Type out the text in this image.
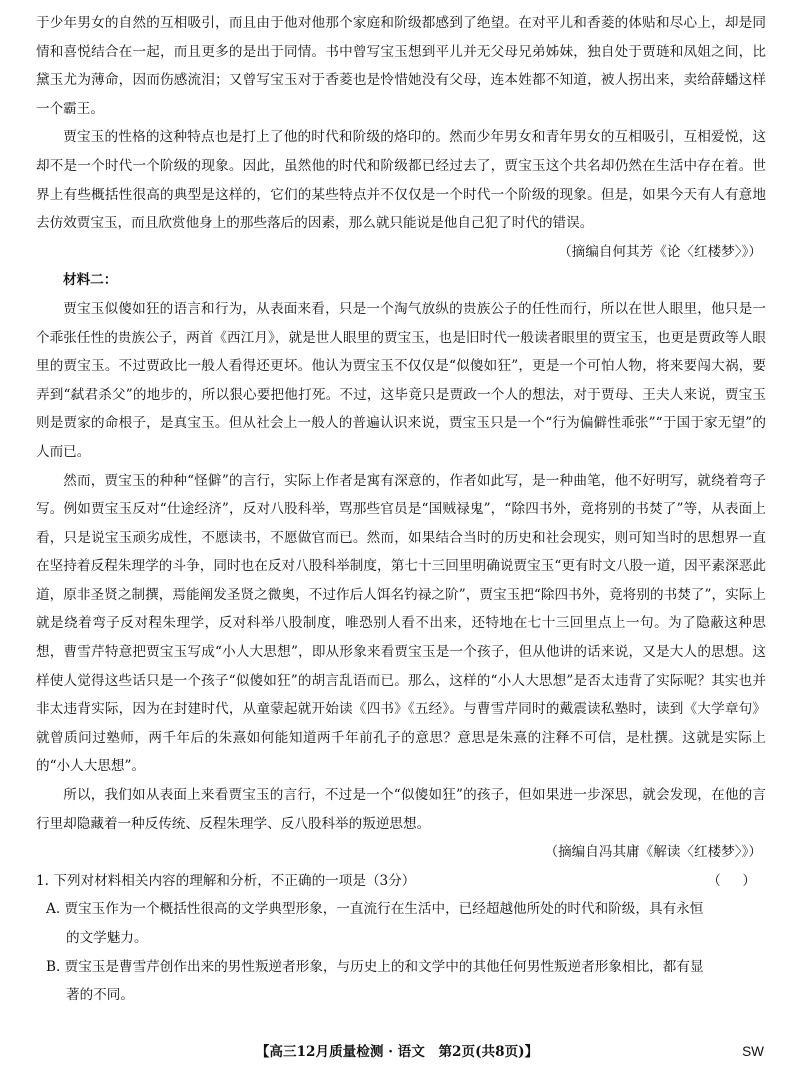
于少年男女的自然的互相吸引，而且由于他对他那个家庭和阶级都感到了绝望。在对平儿和香菱的体贴和尽心上，却是同情和喜悦结合在一起，而且更多的是出于同情。书中曾写宝玉想到平儿并无父母兄弟姊妹，独自处于贾琏和凤姐之间，比黛玉尤为薄命，因而伤感流泪；又曾写宝玉对于香菱也是怜惜她没有父母，连本姓都不知道，被人拐出来，卖给薛蟠这样一个霸王。

贾宝玉的性格的这种特点也是打上了他的时代和阶级的烙印的。然而少年男女和青年男女的互相吸引，互相爱悦，这却不是一个时代一个阶级的现象。因此，虽然他的时代和阶级都已经过去了，贾宝玉这个共名却仍然在生活中存在着。世界上有些概括性很高的典型是这样的，它们的某些特点并不仅仅是一个时代一个阶级的现象。但是，如果今天有人有意地去仿效贾宝玉，而且欣赏他身上的那些落后的因素，那么就只能说是他自己犯了时代的错误。

（摘编自何其芳《论〈红楼梦〉》）

材料二：

贾宝玉似傻如狂的语言和行为，从表面来看，只是一个淘气放纵的贵族公子的任性而行，所以在世人眼里，他只是一个乖张任性的贵族公子，两首《西江月》，就是世人眼里的贾宝玉，也是旧时代一般读者眼里的贾宝玉，也更是贾政等人眼里的贾宝玉。不过贾政比一般人看得还更坏。他认为贾宝玉不仅仅是“似傻如狂”，更是一个可怕人物，将来要闯大祸，要弄到“弑君杀父”的地步的，所以狠心要把他打死。不过，这毕竟只是贾政一个人的想法，对于贾母、王夫人来说，贾宝玉则是贾家的命根子，是真宝玉。但从社会上一般人的普遍认识来说，贾宝玉只是一个“行为偏僻性乖张”“于国于家无望”的人而已。

然而，贾宝玉的种种“怪僻”的言行，实际上作者是寓有深意的，作者如此写，是一种曲笔，他不好明写，就绕着弯子写。例如贾宝玉反对“仕途经济”，反对八股科举，骂那些官员是“国贼禄鬼”，“除四书外，竟将别的书焚了”等，从表面上看，只是说宝玉顽劣成性，不愿读书，不愿做官而已。然而，如果结合当时的历史和社会现实，则可知当时的思想界一直在坚持着反程朱理学的斗争，同时也在反对八股科举制度，第七十三回里明确说贾宝玉“更有时文八股一道，因平素深恶此道，原非圣贤之制撰，焉能阐发圣贤之微奥，不过作后人饵名钓禄之阶”，贾宝玉把“除四书外，竟将别的书焚了”，实际上就是绕着弯子反对程朱理学，反对科举八股制度，唯恐别人看不出来，还特地在七十三回里点上一句。为了隐蔽这种思想，曹雪芹特意把贾宝玉写成“小人大思想”，即从形象来看贾宝玉是一个孩子，但从他讲的话来说，又是大人的思想。这样使人觉得这些话只是一个孩子“似傻如狂”的胡言乱语而已。那么，这样的“小人大思想”是否太违背了实际呢？其实也并非太违背实际，因为在封建时代，从童蒙起就开始读《四书》《五经》。与曹雪芹同时的戴震读私塾时，读到《大学章句》就曾质问过塾师，两千年后的朱熹如何能知道两千年前孔子的意思？意思是朱熹的注释不可信，是杜撰。这就是实际上的“小人大思想”。

所以，我们如从表面上来看贾宝玉的言行，不过是一个“似傻如狂”的孩子，但如果进一步深思，就会发现，在他的言行里却隐藏着一种反传统、反程朱理学、反八股科举的叛逆思想。

（摘编自冯其庸《解读〈红楼梦〉》）

1. 下列对材料相关内容的理解和分析，不正确的一项是（3分）	（　）

A. 贾宝玉作为一个概括性很高的文学典型形象，一直流行在生活中，已经超越他所处的时代和阶级，具有永恒
的文学魅力。

B. 贾宝玉是曹雪芹创作出来的男性叛逆者形象，与历史上的和文学中的其他任何男性叛逆者形象相比，都有显
著的不同。

【高三12月质量检测 · 语文　第2页(共8页)】	SW
